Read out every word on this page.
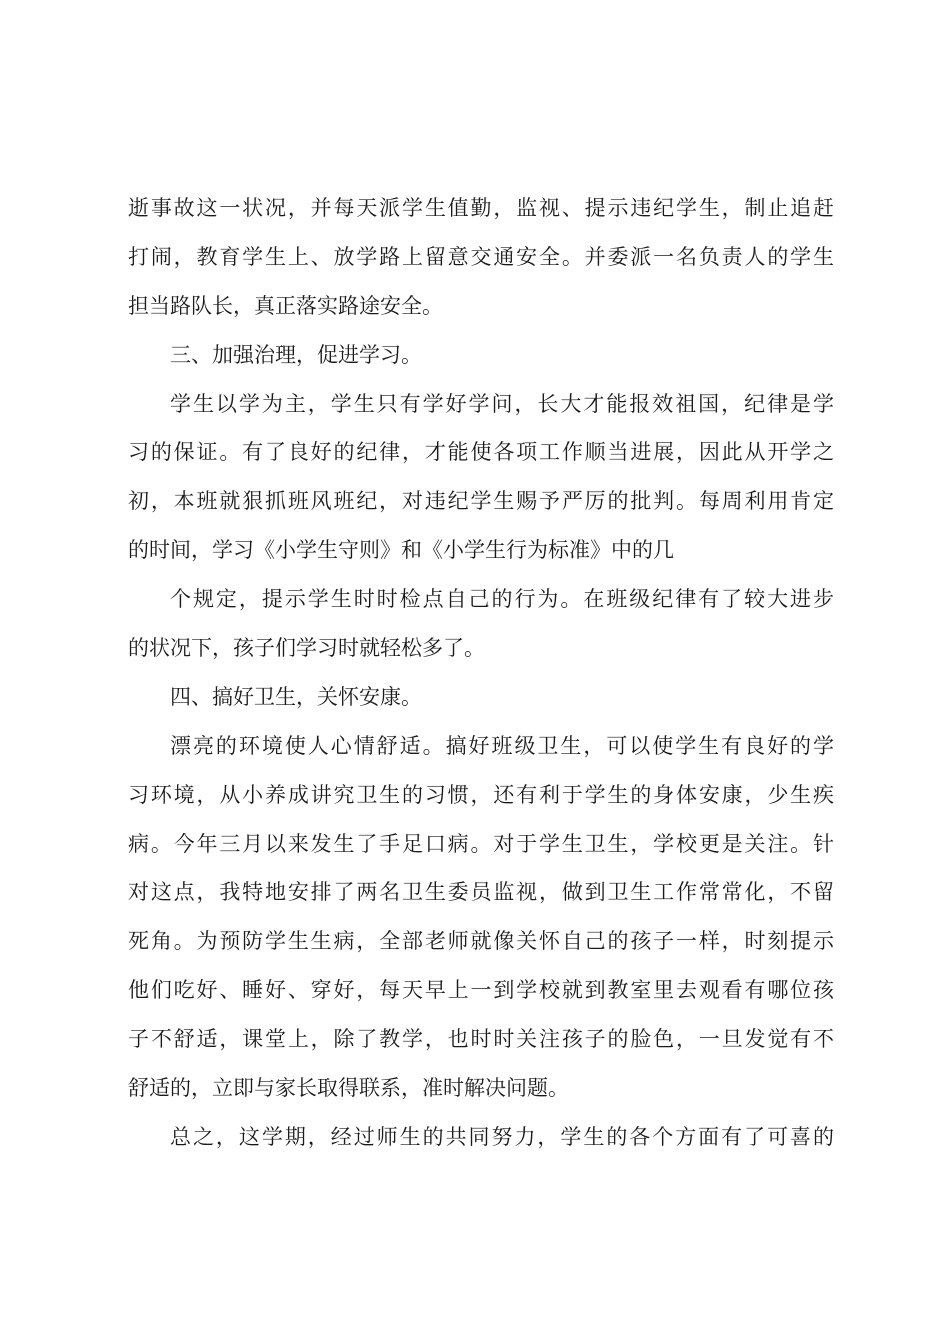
逝事故这一状况，并每天派学生值勤，监视、提示违纪学生，制止追赶
打闹，教育学生上、放学路上留意交通安全。并委派一名负责人的学生
担当路队长，真正落实路途安全。
三、加强治理，促进学习。
学生以学为主，学生只有学好学问，长大才能报效祖国，纪律是学
习的保证。有了良好的纪律，才能使各项工作顺当进展，因此从开学之
初，本班就狠抓班风班纪，对违纪学生赐予严厉的批判。每周利用肯定
的时间，学习《小学生守则》和《小学生行为标准》中的几
个规定，提示学生时时检点自己的行为。在班级纪律有了较大进步
的状况下，孩子们学习时就轻松多了。
四、搞好卫生，关怀安康。
漂亮的环境使人心情舒适。搞好班级卫生，可以使学生有良好的学
习环境，从小养成讲究卫生的习惯，还有利于学生的身体安康，少生疾
病。今年三月以来发生了手足口病。对于学生卫生，学校更是关注。针
对这点，我特地安排了两名卫生委员监视，做到卫生工作常常化，不留
死角。为预防学生生病，全部老师就像关怀自己的孩子一样，时刻提示
他们吃好、睡好、穿好，每天早上一到学校就到教室里去观看有哪位孩
子不舒适，课堂上，除了教学，也时时关注孩子的脸色，一旦发觉有不
舒适的，立即与家长取得联系，准时解决问题。
总之，这学期，经过师生的共同努力，学生的各个方面有了可喜的
